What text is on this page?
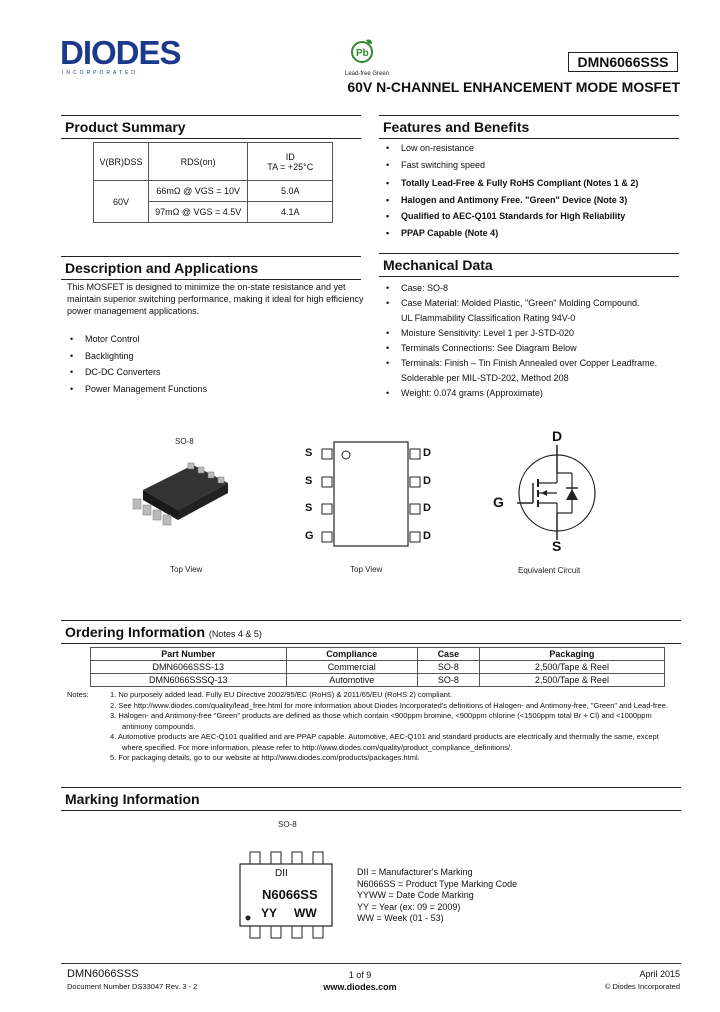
DIODES
INCORPORATED
Pb
Lead-free Green
DMN6066SSS
60V N-CHANNEL ENHANCEMENT MODE MOSFET
Product Summary
V(BR)DSS	RDS(on)	ID
TA = +25°C

60V	66mΩ @ VGS = 10V	5.0A
	97mΩ @ VGS = 4.5V	4.1A
Features and Benefits
• Low on-resistance
• Fast switching speed
• Totally Lead-Free & Fully RoHS Compliant (Notes 1 & 2)
• Halogen and Antimony Free. "Green" Device (Note 3)
• Qualified to AEC-Q101 Standards for High Reliability
• PPAP Capable (Note 4)
Description and Applications
This MOSFET is designed to minimize the on-state resistance and yet maintain superior switching performance, making it ideal for high efficiency power management applications.
• Motor Control
• Backlighting
• DC-DC Converters
• Power Management Functions
Mechanical Data
• Case: SO-8
• Case Material: Molded Plastic, "Green" Molding Compound.
UL Flammability Classification Rating 94V-0
• Moisture Sensitivity: Level 1 per J-STD-020
• Terminals Connections: See Diagram Below
• Terminals: Finish – Tin Finish Annealed over Copper Leadframe.
Solderable per MIL-STD-202, Method 208
• Weight: 0.074 grams (Approximate)
SO-8
Top View
S
S
S
G
D
D
D
D
Top View
D
G
S
Equivalent Circuit
Ordering Information (Notes 4 & 5)
Part Number	Compliance	Case	Packaging
DMN6066SSS-13	Commercial	SO-8	2,500/Tape & Reel
DMN6066SSSQ-13	Automotive	SO-8	2,500/Tape & Reel
Notes:	1. No purposely added lead. Fully EU Directive 2002/95/EC (RoHS) & 2011/65/EU (RoHS 2) compliant.
2. See http://www.diodes.com/quality/lead_free.html for more information about Diodes Incorporated's definitions of Halogen- and Antimony-free, "Green" and Lead-free.
3. Halogen- and Antimony-free "Green" products are defined as those which contain <900ppm bromine, <900ppm chlorine (<1500ppm total Br + Cl) and <1000ppm antimony compounds.
4. Automotive products are AEC-Q101 qualified and are PPAP capable. Automotive, AEC-Q101 and standard products are electrically and thermally the same, except where specified. For more information, please refer to http://www.diodes.com/quality/product_compliance_definitions/.
5. For packaging details, go to our website at http://www.diodes.com/products/packages.html.
Marking Information
SO-8
DII
N6066SS
YY WW
DII = Manufacturer's Marking
N6066SS = Product Type Marking Code
YYWW = Date Code Marking
YY = Year (ex: 09 = 2009)
WW = Week (01 - 53)
DMN6066SSS
Document Number DS33047 Rev. 3 - 2
1 of 9
www.diodes.com
April 2015
© Diodes Incorporated
